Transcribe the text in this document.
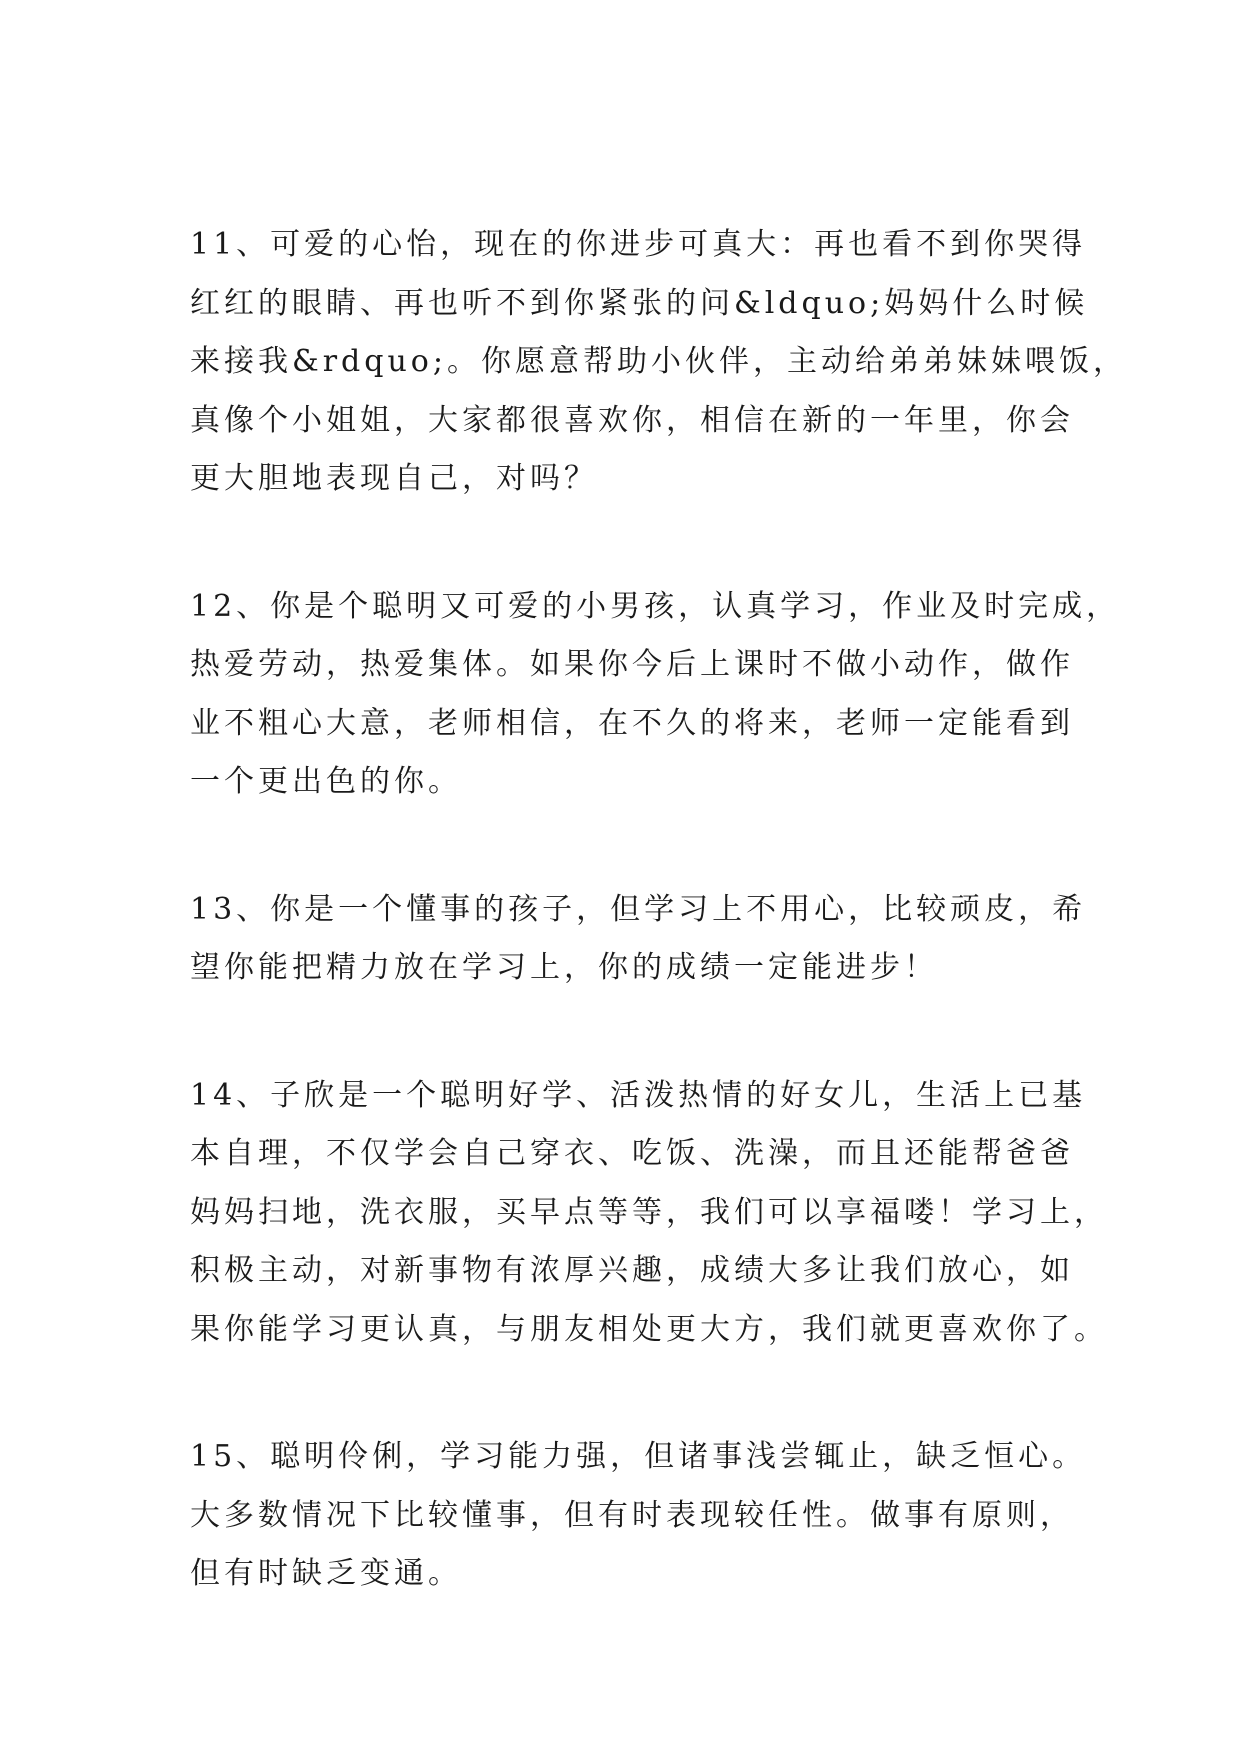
11、可爱的心怡，现在的你进步可真大：再也看不到你哭得
红红的眼睛、再也听不到你紧张的问&ldquo;妈妈什么时候
来接我&rdquo;。你愿意帮助小伙伴，主动给弟弟妹妹喂饭，
真像个小姐姐，大家都很喜欢你，相信在新的一年里，你会
更大胆地表现自己，对吗？

12、你是个聪明又可爱的小男孩，认真学习，作业及时完成，
热爱劳动，热爱集体。如果你今后上课时不做小动作，做作
业不粗心大意，老师相信，在不久的将来，老师一定能看到
一个更出色的你。

13、你是一个懂事的孩子，但学习上不用心，比较顽皮，希
望你能把精力放在学习上，你的成绩一定能进步！

14、子欣是一个聪明好学、活泼热情的好女儿，生活上已基
本自理，不仅学会自己穿衣、吃饭、洗澡，而且还能帮爸爸
妈妈扫地，洗衣服，买早点等等，我们可以享福喽！学习上，
积极主动，对新事物有浓厚兴趣，成绩大多让我们放心，如
果你能学习更认真，与朋友相处更大方，我们就更喜欢你了。

15、聪明伶俐，学习能力强，但诸事浅尝辄止，缺乏恒心。
大多数情况下比较懂事，但有时表现较任性。做事有原则，
但有时缺乏变通。
